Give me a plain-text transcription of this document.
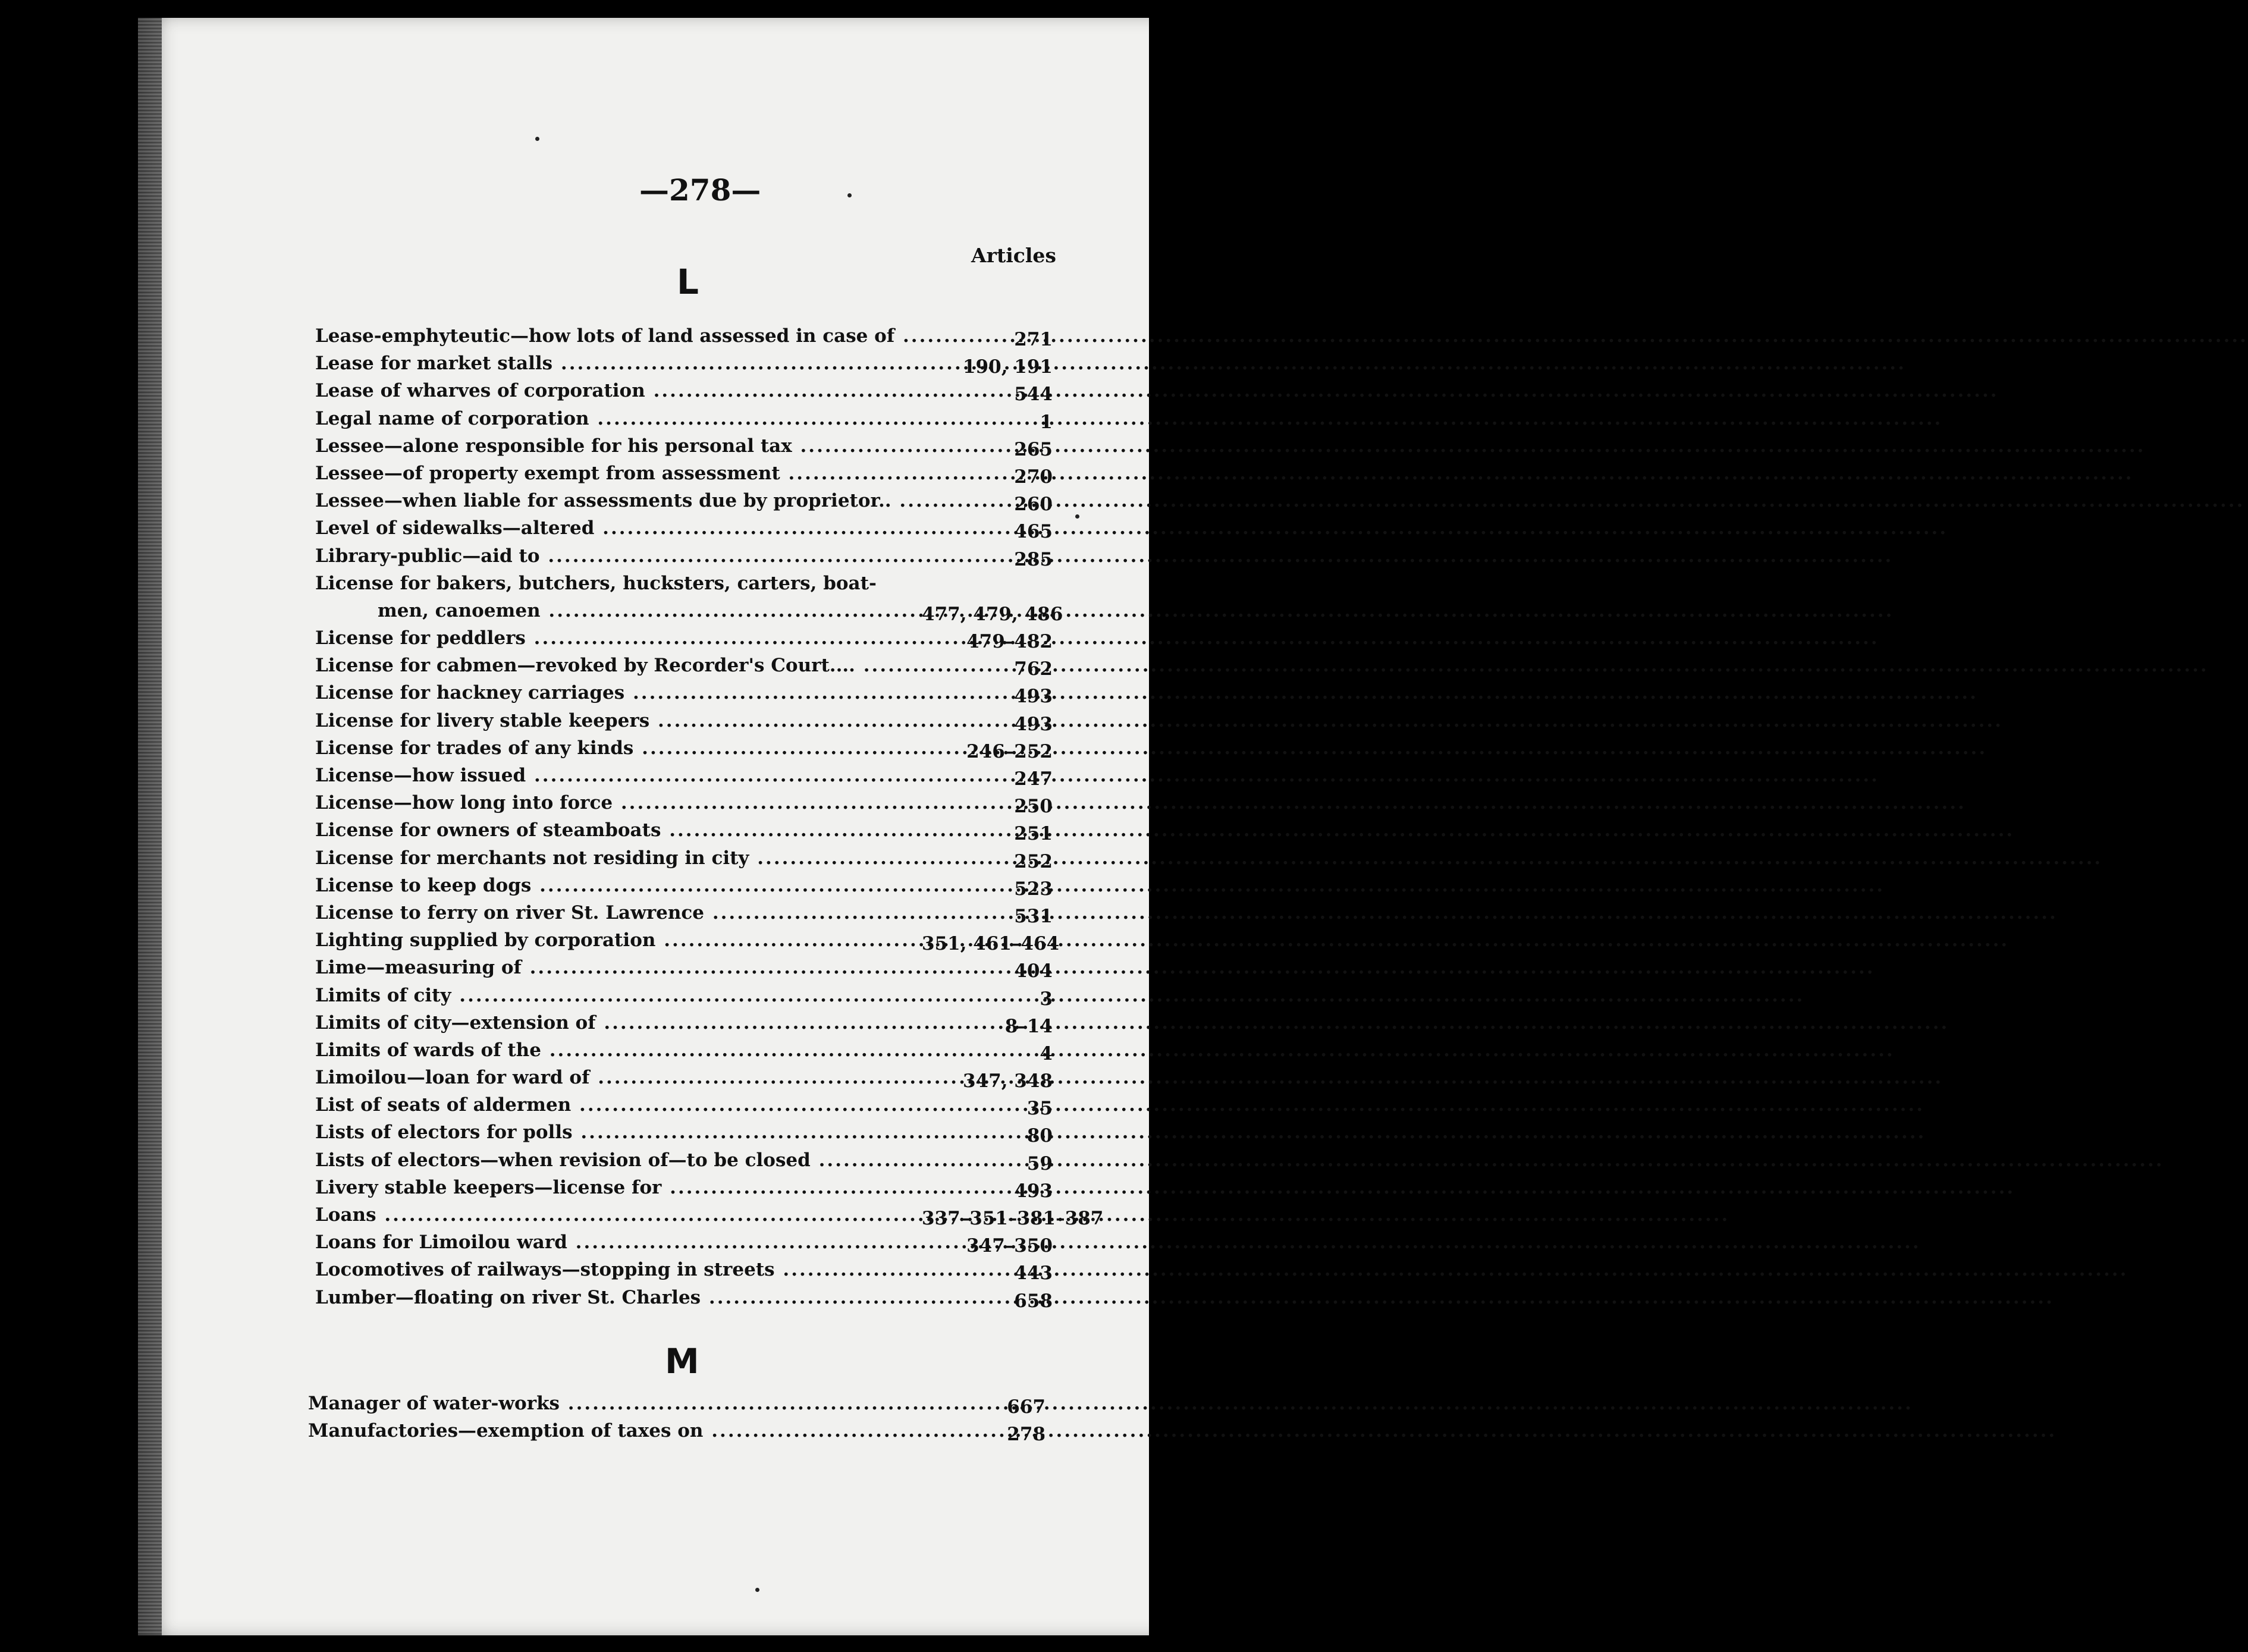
—278—
Articles
L
Lease-emphyteutic—how lots of land assessed in case of .....	271
Lease for market stalls .....	190, 191
Lease of wharves of corporation .....	544
Legal name of corporation .....	1
Lessee—alone responsible for his personal tax .....	265
Lessee—of property exempt from assessment .....	270
Lessee—when liable for assessments due by proprietor.. .....	260
Level of sidewalks—altered .....	465
Library-public—aid to .....	285
License for bakers, butchers, hucksters, carters, boat-
men, canoemen .....	477, 479, 486
License for peddlers .....	479–482
License for cabmen—revoked by Recorder's Court.... .....	762
License for hackney carriages .....	493
License for livery stable keepers .....	493
License for trades of any kinds .....	246–252
License—how issued .....	247
License—how long into force .....	250
License for owners of steamboats .....	251
License for merchants not residing in city .....	252
License to keep dogs .....	523
License to ferry on river St. Lawrence .....	531
Lighting supplied by corporation .....	351, 461–464
Lime—measuring of .....	404
Limits of city .....	3
Limits of city—extension of .....	8–14
Limits of wards of the .....	4
Limoilou—loan for ward of .....	347, 348
List of seats of aldermen .....	35
Lists of electors for polls .....	80
Lists of electors—when revision of—to be closed .....	59
Livery stable keepers—license for .....	493
Loans .....	337–351–381–387
Loans for Limoilou ward .....	347–350
Locomotives of railways—stopping in streets .....	443
Lumber—floating on river St. Charles .....	658
M
Manager of water-works .....	667
Manufactories—exemption of taxes on .....	278
